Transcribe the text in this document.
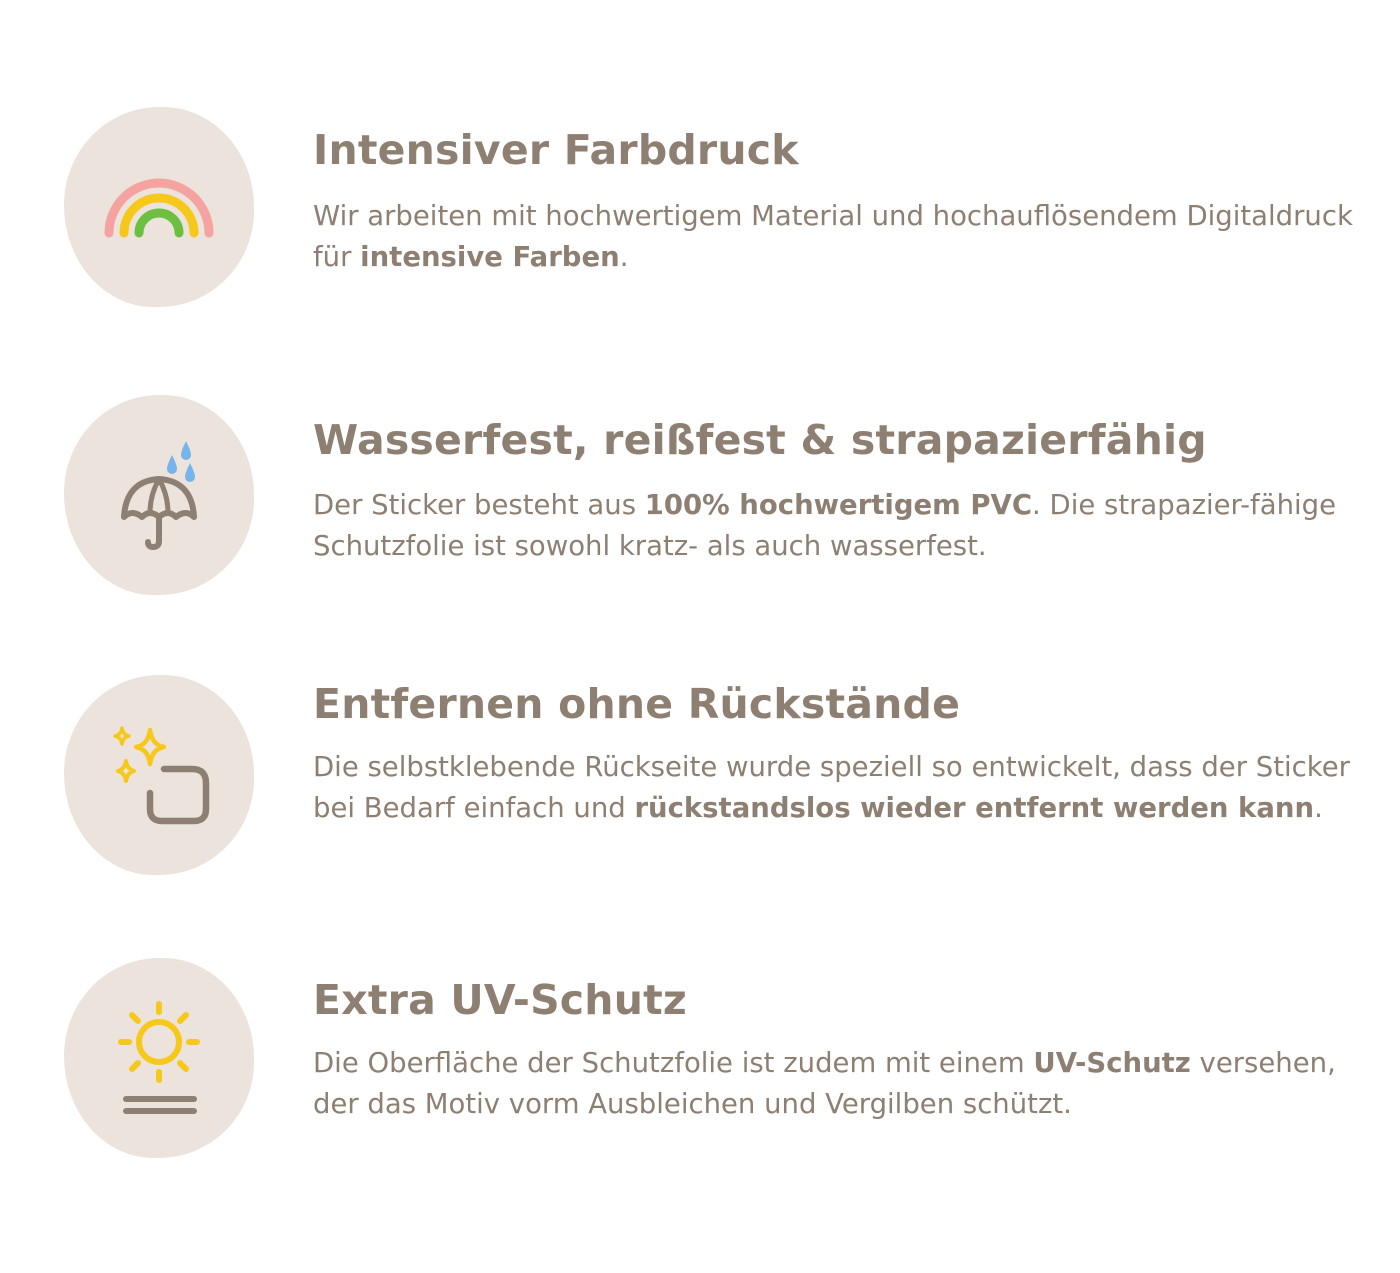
Intensiver Farbdruck

Wir arbeiten mit hochwertigem Material und hochauflösendem Digitaldruck für intensive Farben.

Wasserfest, reißfest & strapazierfähig

Der Sticker besteht aus 100% hochwertigem PVC. Die strapazier-fähige Schutzfolie ist sowohl kratz- als auch wasserfest.

Entfernen ohne Rückstände

Die selbstklebende Rückseite wurde speziell so entwickelt, dass der Sticker bei Bedarf einfach und rückstandslos wieder entfernt werden kann.

Extra UV-Schutz

Die Oberfläche der Schutzfolie ist zudem mit einem UV-Schutz versehen, der das Motiv vorm Ausbleichen und Vergilben schützt.
